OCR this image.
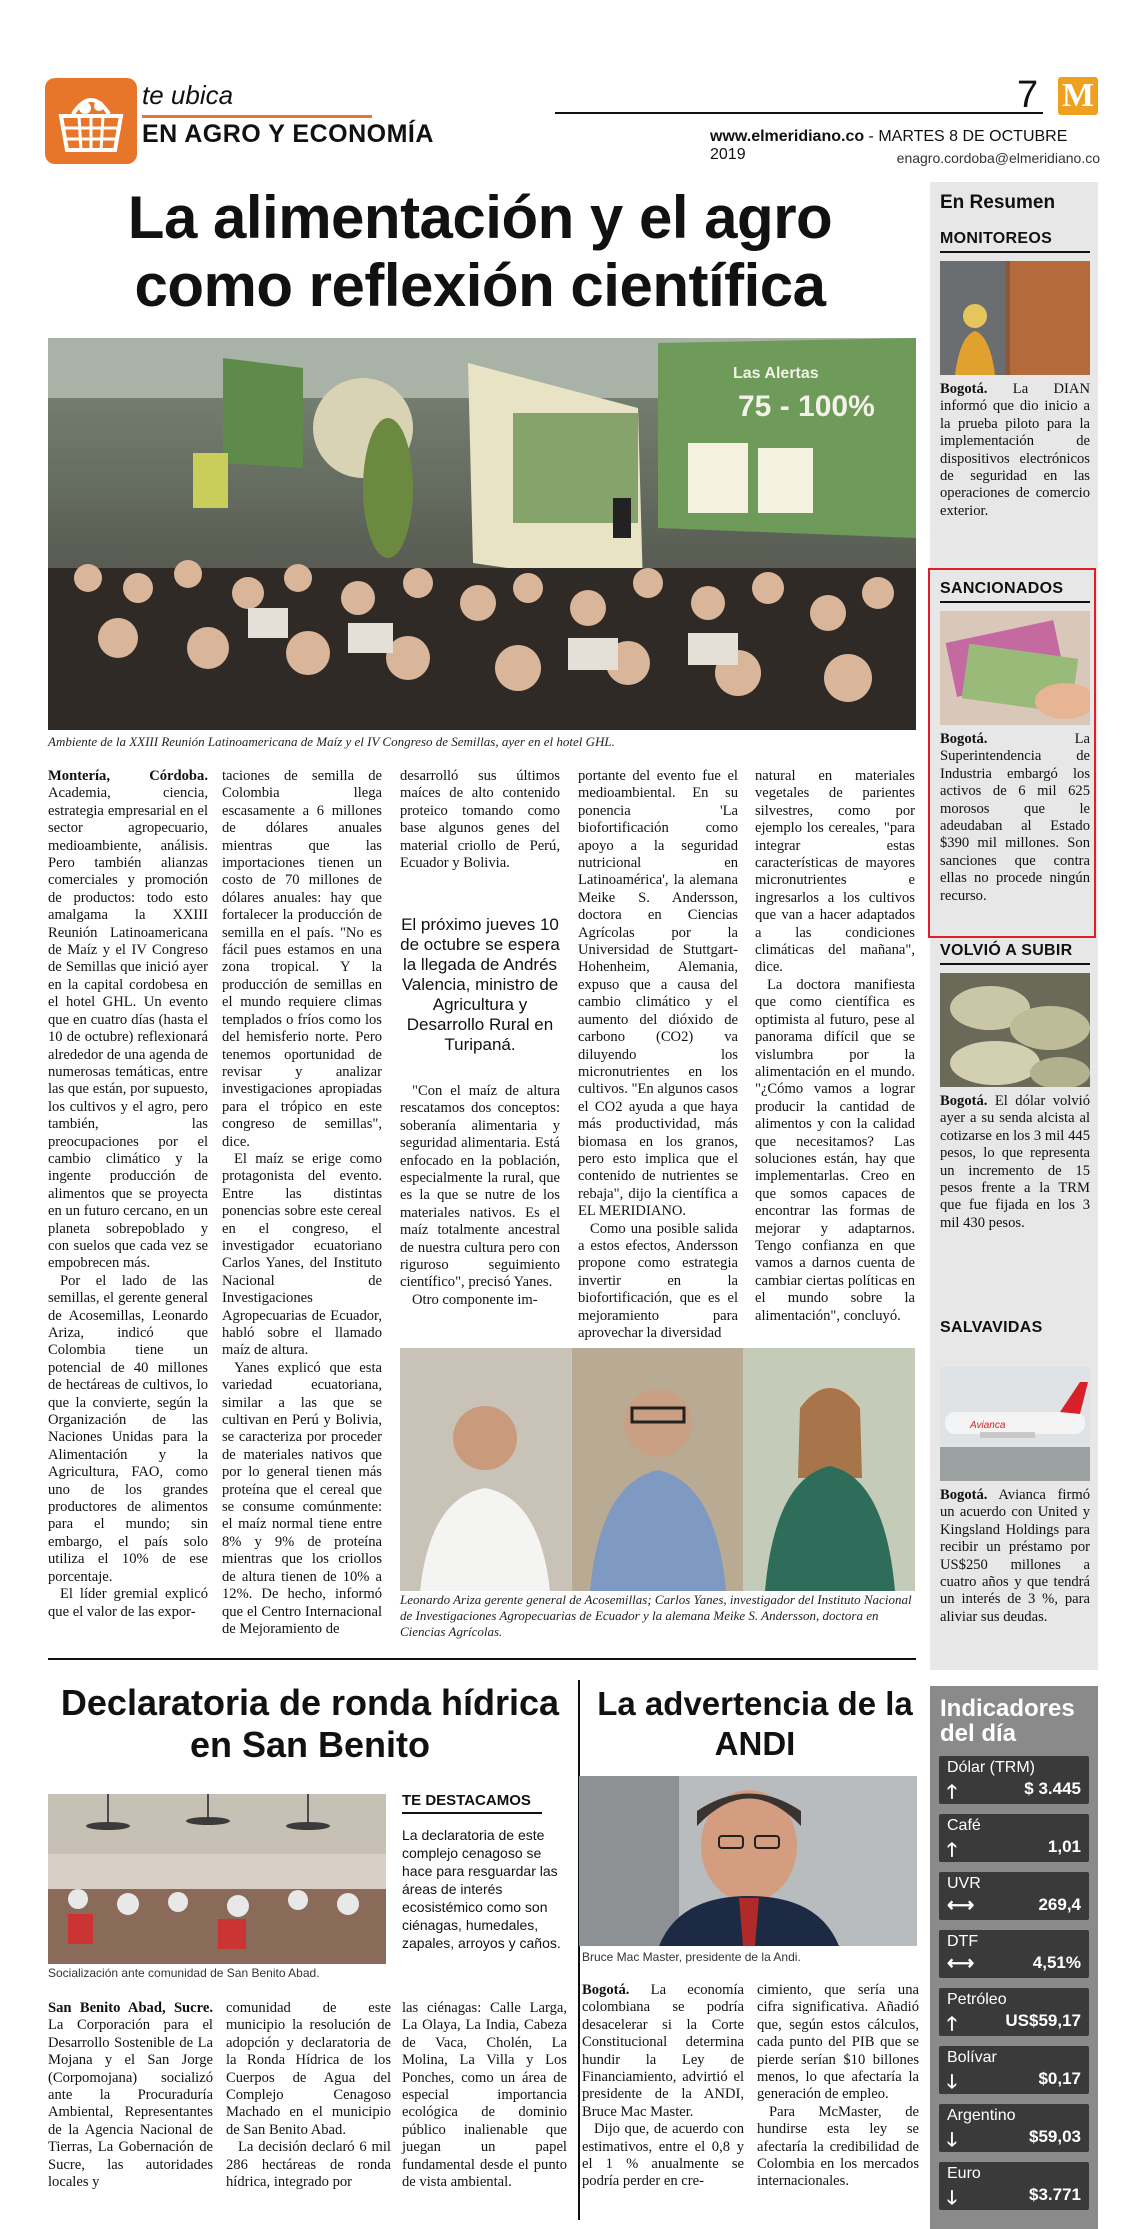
te ubica
EN AGRO Y ECONOMÍA
7 M
www.elmeridiano.co - MARTES 8 DE OCTUBRE 2019	enagro.cordoba@elmeridiano.co
La alimentación y el agro como reflexión científica
Las Alertas
75 - 100%
Ambiente de la XXIII Reunión Latinoamericana de Maíz y el IV Congreso de Semillas, ayer en el hotel GHL.

Montería, Córdoba. Academia, ciencia, estrategia empresarial en el sector agropecuario, medioambiente, análisis. Pero también alianzas comerciales y promoción de productos: todo esto amalgama la XXIII Reunión Latinoamericana de Maíz y el IV Congreso de Semillas que inició ayer en la capital cordobesa en el hotel GHL. Un evento que en cuatro días (hasta el 10 de octubre) reflexionará alrededor de una agenda de numerosas temáticas, entre las que están, por supuesto, los cultivos y el agro, pero también, las preocupaciones por el cambio climático y la ingente producción de alimentos que se proyecta en un futuro cercano, en un planeta sobrepoblado y con suelos que cada vez se empobrecen más.

Por el lado de las semillas, el gerente general de Acosemillas, Leonardo Ariza, indicó que Colombia tiene un potencial de 40 millones de hectáreas de cultivos, lo que la convierte, según la Organización de las Naciones Unidas para la Alimentación y la Agricultura, FAO, como uno de los grandes productores de alimentos para el mundo; sin embargo, el país solo utiliza el 10% de ese porcentaje.

El líder gremial explicó que el valor de las expor-

taciones de semilla de Colombia llega escasamente a 6 millones de dólares anuales mientras que las importaciones tienen un costo de 70 millones de dólares anuales: hay que fortalecer la producción de semilla en el país. "No es fácil pues estamos en una zona tropical. Y la producción de semillas en el mundo requiere climas templados o fríos como los del hemisferio norte. Pero tenemos oportunidad de revisar y analizar investigaciones apropiadas para el trópico en este congreso de semillas", dice.

El maíz se erige como protagonista del evento. Entre las distintas ponencias sobre este cereal en el congreso, el investigador ecuatoriano Carlos Yanes, del Instituto Nacional de Investigaciones Agropecuarias de Ecuador, habló sobre el llamado maíz de altura.

Yanes explicó que esta variedad ecuatoriana, similar a las que se cultivan en Perú y Bolivia, se caracteriza por proceder de materiales nativos que por lo general tienen más proteína que el cereal que se consume comúnmente: el maíz normal tiene entre 8% y 9% de proteína mientras que los criollos de altura tienen de 10% a 12%. De hecho, informó que el Centro Internacional de Mejoramiento de

desarrolló sus últimos maíces de alto contenido proteico tomando como base algunos genes del material criollo de Perú, Ecuador y Bolivia.

El próximo jueves 10 de octubre se espera la llegada de Andrés Valencia, ministro de Agricultura y Desarrollo Rural en Turipaná.

"Con el maíz de altura rescatamos dos conceptos: soberanía alimentaria y seguridad alimentaria. Está enfocado en la población, especialmente la rural, que es la que se nutre de los materiales nativos. Es el maíz totalmente ancestral de nuestra cultura pero con riguroso seguimiento científico", precisó Yanes.

Otro componente im-

portante del evento fue el medioambiental. En su ponencia 'La biofortificación como apoyo a la seguridad nutricional en Latinoamérica', la alemana Meike S. Andersson, doctora en Ciencias Agrícolas por la Universidad de Stuttgart-Hohenheim, Alemania, expuso que a causa del cambio climático y el aumento del dióxido de carbono (CO2) va diluyendo los micronutrientes en los cultivos. "En algunos casos el CO2 ayuda a que haya más productividad, más biomasa en los granos, pero esto implica que el contenido de nutrientes se rebaja", dijo la científica a EL MERIDIANO.

Como una posible salida a estos efectos, Andersson propone como estrategia invertir en la biofortificación, que es el mejoramiento para aprovechar la diversidad

natural en materiales vegetales de parientes silvestres, como por ejemplo los cereales, "para integrar estas características de mayores micronutrientes e ingresarlos a los cultivos que van a hacer adaptados a las condiciones climáticas del mañana", dice.

La doctora manifiesta que como científica es optimista al futuro, pese al panorama difícil que se vislumbra por la alimentación en el mundo. "¿Cómo vamos a lograr producir la cantidad de alimentos y con la calidad que necesitamos? Las soluciones están, hay que implementarlas. Creo en que somos capaces de encontrar las formas de mejorar y adaptarnos. Tengo confianza en que vamos a darnos cuenta de cambiar ciertas políticas en el mundo sobre la alimentación", concluyó.

Leonardo Ariza gerente general de Acosemillas; Carlos Yanes, investigador del Instituto Nacional de Investigaciones Agropecuarias de Ecuador y la alemana Meike S. Andersson, doctora en Ciencias Agrícolas.
En Resumen
MONITOREOS
Bogotá. La DIAN informó que dio inicio a la prueba piloto para la implementación de dispositivos electrónicos de seguridad en las operaciones de comercio exterior.
SANCIONADOS
Bogotá. La Superintendencia de Industria embargó los activos de 6 mil 625 morosos que le adeudaban al Estado $390 mil millones. Son sanciones que contra ellas no procede ningún recurso.
VOLVIÓ A SUBIR
Bogotá. El dólar volvió ayer a su senda alcista al cotizarse en los 3 mil 445 pesos, lo que representa un incremento de 15 pesos frente a la TRM que fue fijada en los 3 mil 430 pesos.
SALVAVIDAS
Avianca
Bogotá. Avianca firmó un acuerdo con United y Kingsland Holdings para recibir un préstamo por US$250 millones a cuatro años y que tendrá un interés de 3 %, para aliviar sus deudas.
Declaratoria de ronda hídrica en San Benito
Socialización ante comunidad de San Benito Abad.
TE DESTACAMOS
La declaratoria de este complejo cenagoso se hace para resguardar las áreas de interés ecosistémico como son ciénagas, humedales, zapales, arroyos y caños.

San Benito Abad, Sucre. La Corporación para el Desarrollo Sostenible de La Mojana y el San Jorge (Corpomojana) socializó ante la Procuraduría Ambiental, Representantes de la Agencia Nacional de Tierras, La Gobernación de Sucre, las autoridades locales y

comunidad de este municipio la resolución de adopción y declaratoria de la Ronda Hídrica de los Cuerpos de Agua del Complejo Cenagoso Machado en el municipio de San Benito Abad.

La decisión declaró 6 mil 286 hectáreas de ronda hídrica, integrado por

las ciénagas: Calle Larga, La Olaya, La India, Cabeza de Vaca, Cholén, La Molina, La Villa y Los Ponches, como un área de especial importancia ecológica de dominio público inalienable que juegan un papel fundamental desde el punto de vista ambiental.

La advertencia de la ANDI
Bruce Mac Master, presidente de la Andi.

Bogotá. La economía colombiana se podría desacelerar si la Corte Constitucional determina hundir la Ley de Financiamiento, advirtió el presidente de la ANDI, Bruce Mac Master.

Dijo que, de acuerdo con estimativos, entre el 0,8 y el 1 % anualmente se podría perder en cre-

cimiento, que sería una cifra significativa. Añadió que, según estos cálculos, cada punto del PIB que se pierde serían $10 billones menos, lo que afectaría la generación de empleo.

Para McMaster, de hundirse esta ley se afectaría la credibilidad de Colombia en los mercados internacionales.

Indicadores del día
Dólar (TRM)
🡑	$ 3.445
Café
🡑	1,01
UVR
⟷	269,4
DTF
⟷	4,51%
Petróleo
🡑	US$59,17
Bolívar
🡓	$0,17
Argentino
🡓	$59,03
Euro
🡓	$3.771
